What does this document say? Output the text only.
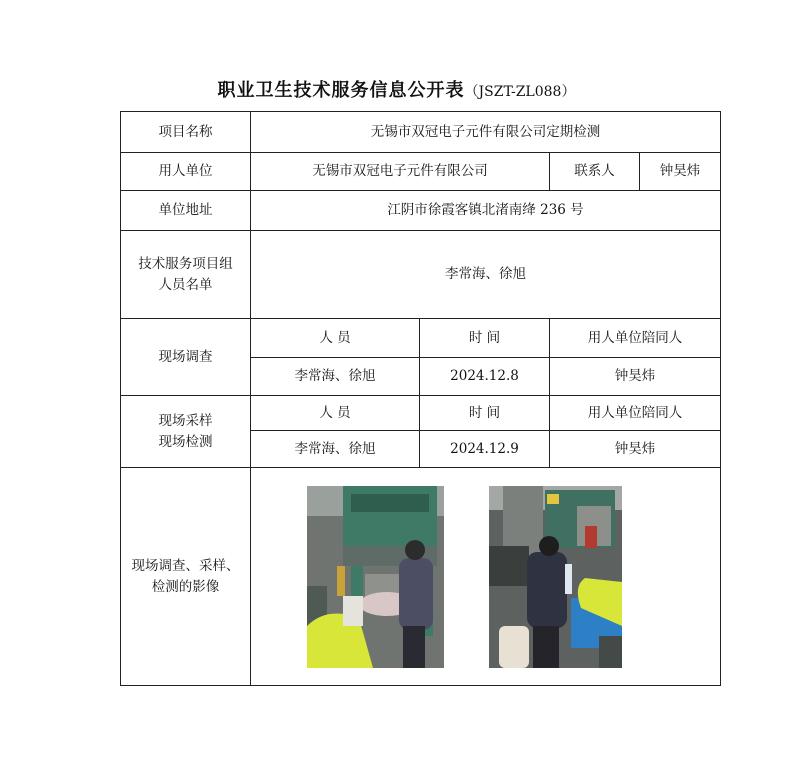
职业卫生技术服务信息公开表（JSZT-ZL088）
项目名称	无锡市双冠电子元件有限公司定期检测			
用人单位	无锡市双冠电子元件有限公司		联系人	钟昊炜
单位地址	江阴市徐霞客镇北渚南绛 236 号			

技术服务项目组
人员名单	李常海、徐旭			
现场调查	人 员	时 间	用人单位陪同人	
	李常海、徐旭	2024.12.8	钟昊炜	

现场采样
现场检测	人 员	时 间	用人单位陪同人	
	李常海、徐旭	2024.12.9	钟昊炜	

现场调查、采样、
检测的影像
